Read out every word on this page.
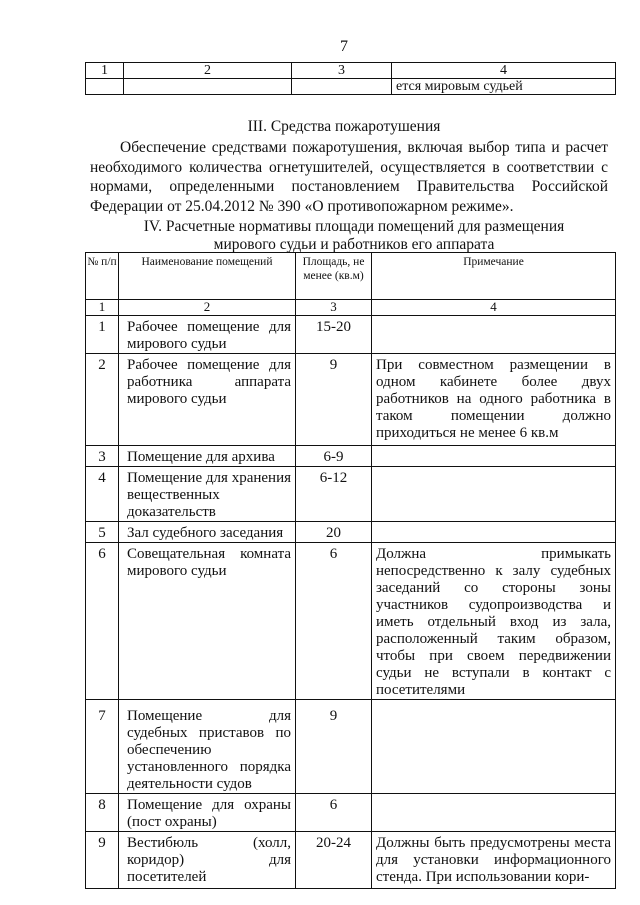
7
1	2	3	4
			ется мировым судьей
III. Средства пожаротушения

Обеспечение средствами пожаротушения, включая выбор типа и расчет необходимого количества огнетушителей, осуществляется в соответствии с нормами, определенными постановлением Правительства Российской Федерации от 25.04.2012 № 390 «О противопожарном режиме».

IV. Расчетные нормативы площади помещений для размещения
мирового судьи и работников его аппарата
№ п/п	Наименование помещений	Площадь, не менее (кв.м)	Примечание
1	2	3	4
1	Рабочее помещение для мирового судьи	15-20	
2	Рабочее помещение для работника аппарата мирового судьи	9	При совместном размещении в одном кабинете более двух работников на одного работника в таком помещении должно приходиться не менее 6 кв.м
3	Помещение для архива	6-9	
4	Помещение для хранения вещественных доказательств	6-12	
5	Зал судебного заседания	20	
6	Совещательная комната мирового судьи	6	Должна примыкать непосредственно к залу судебных заседаний со стороны зоны участников судопроизводства и иметь отдельный вход из зала, расположенный таким образом, чтобы при своем передвижении судьи не вступали в контакт с посетителями
7	Помещение для судебных приставов по обеспечению установленного порядка деятельности судов	9	
8	Помещение для охраны (пост охраны)	6	
9	Вестибюль (холл, коридор) для посетителей	20-24	Должны быть предусмотрены места для установки информационного стенда. При использовании кори-
